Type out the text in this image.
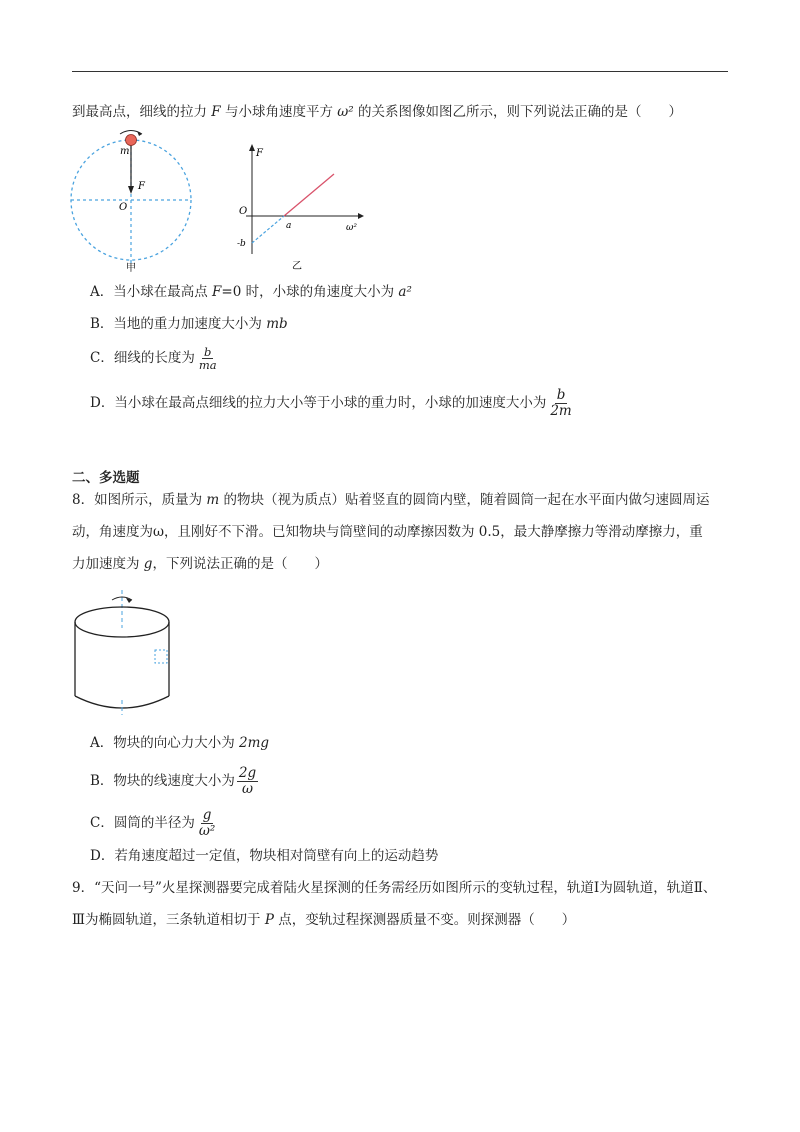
到最高点，细线的拉力 F 与小球角速度平方 ω² 的关系图像如图乙所示，则下列说法正确的是（　　）
m
F
O
甲
F
O
-b
a	ω²
乙
A．当小球在最高点 F=0 时，小球的角速度大小为 a²
B．当地的重力加速度大小为 mb
C．细线的长度为 $\frac{b}{ma}$
D．当小球在最高点细线的拉力大小等于小球的重力时，小球的加速度大小为 $\frac{b}{2m}$
二、多选题
8．如图所示，质量为 m 的物块（视为质点）贴着竖直的圆筒内壁，随着圆筒一起在水平面内做匀速圆周运
动，角速度为ω，且刚好不下滑。已知物块与筒壁间的动摩擦因数为 0.5，最大静摩擦力等滑动摩擦力，重
力加速度为 g，下列说法正确的是（　　）
A．物块的向心力大小为 2mg
B．物块的线速度大小为 $\frac{2g}{\omega}$
C．圆筒的半径为 $\frac{g}{\text{ω²}}$
D．若角速度超过一定值，物块相对筒壁有向上的运动趋势
9．“天问一号”火星探测器要完成着陆火星探测的任务需经历如图所示的变轨过程，轨道Ⅰ为圆轨道，轨道Ⅱ、
Ⅲ为椭圆轨道，三条轨道相切于 P 点，变轨过程探测器质量不变。则探测器（　　）
